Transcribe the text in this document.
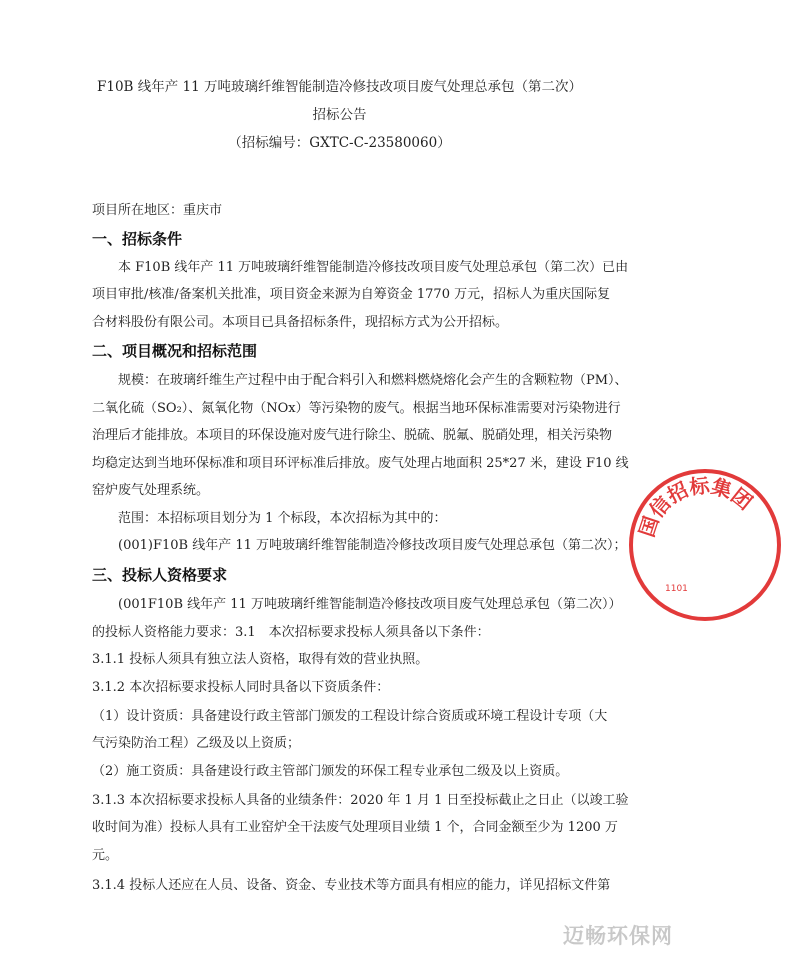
F10B 线年产 11 万吨玻璃纤维智能制造冷修技改项目废气处理总承包（第二次）
招标公告
（招标编号：GXTC-C-23580060）
项目所在地区：重庆市
一、招标条件
本 F10B 线年产 11 万吨玻璃纤维智能制造冷修技改项目废气处理总承包（第二次）已由
项目审批/核准/备案机关批准，项目资金来源为自筹资金 1770 万元，招标人为重庆国际复
合材料股份有限公司。本项目已具备招标条件，现招标方式为公开招标。
二、项目概况和招标范围
规模：在玻璃纤维生产过程中由于配合料引入和燃料燃烧熔化会产生的含颗粒物（PM）、
二氧化硫（SO₂）、氮氧化物（NOx）等污染物的废气。根据当地环保标准需要对污染物进行
治理后才能排放。本项目的环保设施对废气进行除尘、脱硫、脱氟、脱硝处理，相关污染物
均稳定达到当地环保标准和项目环评标准后排放。废气处理占地面积 25*27 米，建设 F10 线
窑炉废气处理系统。
范围：本招标项目划分为 1 个标段，本次招标为其中的：
(001)F10B 线年产 11 万吨玻璃纤维智能制造冷修技改项目废气处理总承包（第二次）；
三、投标人资格要求
(001F10B 线年产 11 万吨玻璃纤维智能制造冷修技改项目废气处理总承包（第二次））
的投标人资格能力要求：3.1　本次招标要求投标人须具备以下条件：
3.1.1 投标人须具有独立法人资格，取得有效的营业执照。
3.1.2 本次招标要求投标人同时具备以下资质条件：
（1）设计资质：具备建设行政主管部门颁发的工程设计综合资质或环境工程设计专项（大
气污染防治工程）乙级及以上资质；
（2）施工资质：具备建设行政主管部门颁发的环保工程专业承包二级及以上资质。
3.1.3 本次招标要求投标人具备的业绩条件：2020 年 1 月 1 日至投标截止之日止（以竣工验
收时间为准）投标人具有工业窑炉全干法废气处理项目业绩 1 个，合同金额至少为 1200 万
元。
3.1.4 投标人还应在人员、设备、资金、专业技术等方面具有相应的能力，详见招标文件第
国信招标集团
1101
迈畅环保网
